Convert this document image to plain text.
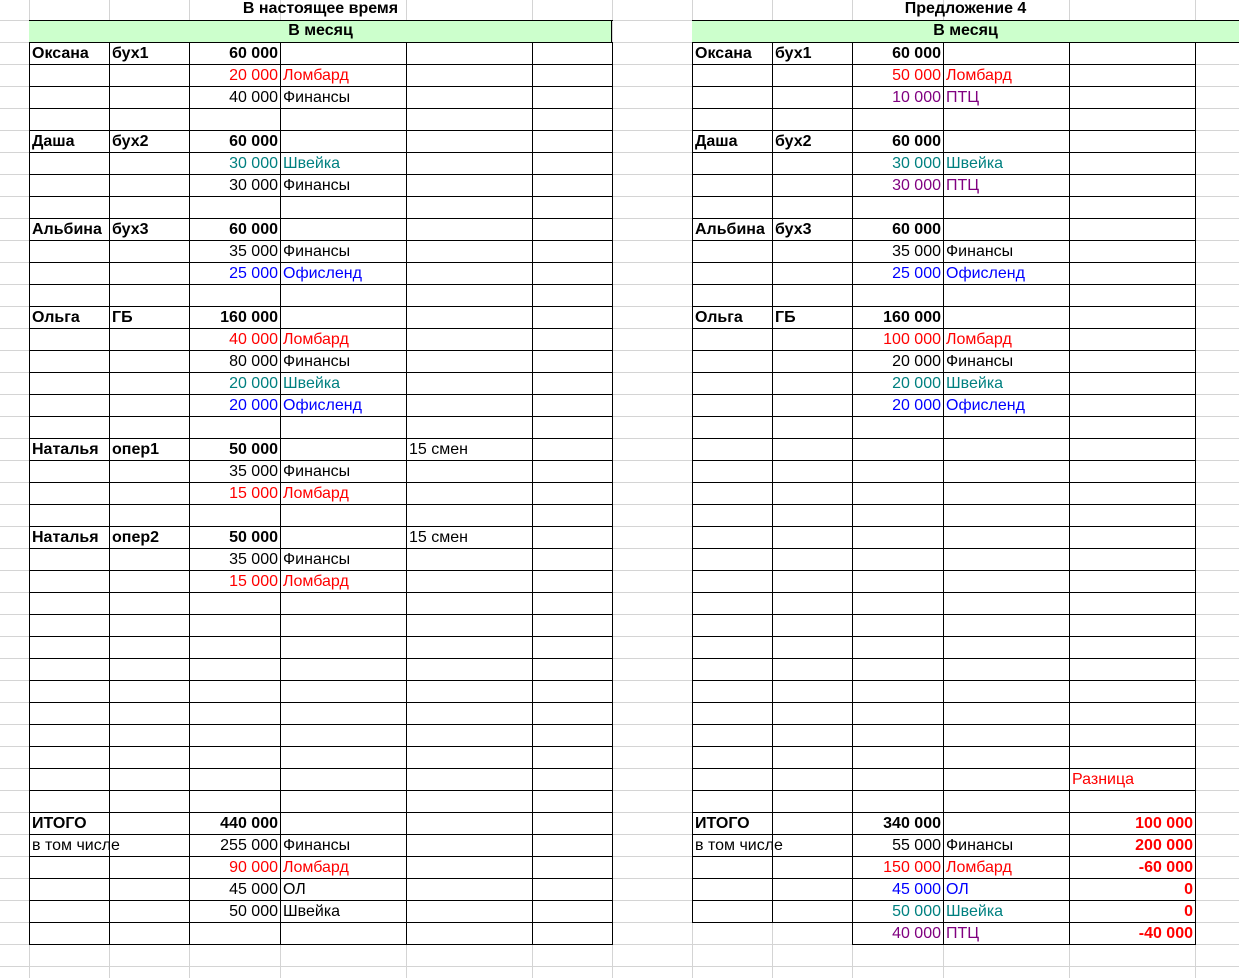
В настоящее время
В месяц
Предложение 4
В месяц
Оксана	бух1	60 000
20 000 Ломбард
40 000 Финансы
Даша	бух2	60 000
30 000 Швейка
30 000 Финансы
Альбина бух3	60 000
35 000 Финансы
25 000 Офисленд
Ольга	ГБ	160 000
40 000 Ломбард
80 000 Финансы
20 000 Швейка
20 000 Офисленд
Наталья опер1	50 000	15 смен
35 000 Финансы
15 000 Ломбард
Наталья опер2	50 000	15 смен
35 000 Финансы
15 000 Ломбард
ИТОГО	440 000
в том числе	255 000 Финансы
90 000 Ломбард
45 000 ОЛ
50 000 Швейка
Оксана	бух1	60 000
50 000 Ломбард
10 000 ПТЦ
Даша	бух2	60 000
30 000 Швейка
30 000 ПТЦ
Альбина бух3	60 000
35 000 Финансы
25 000 Офисленд
Ольга	ГБ	160 000
100 000 Ломбард
20 000 Финансы
20 000 Швейка
20 000 Офисленд
Разница
ИТОГО	340 000	100 000
в том числе	55 000 Финансы	200 000
150 000 Ломбард	-60 000
45 000 ОЛ	0
50 000 Швейка	0
40 000 ПТЦ	-40 000
